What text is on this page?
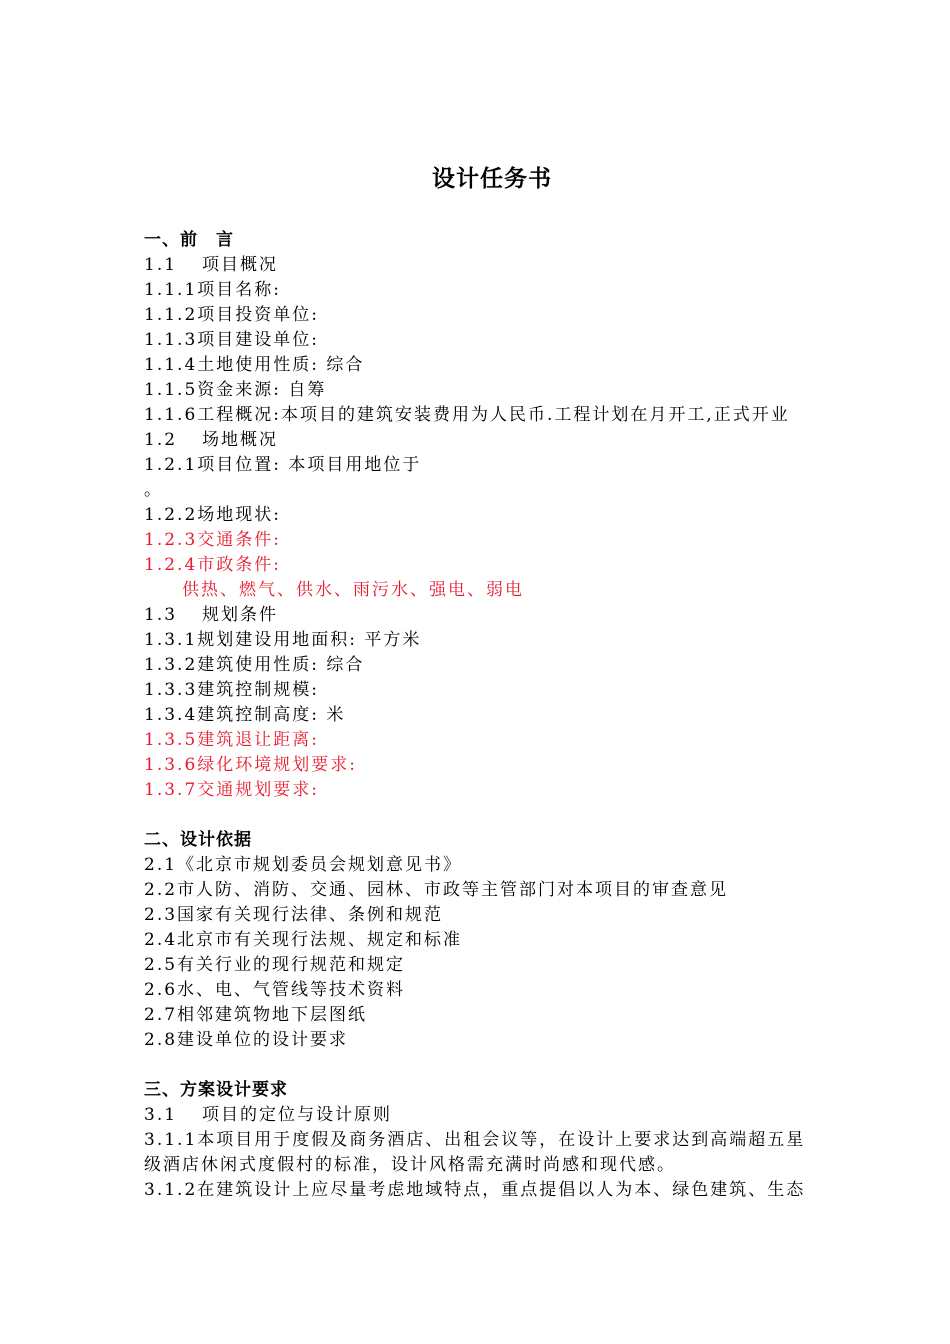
设计任务书
一、前　言
1.1 项目概况
1.1.1项目名称:
1.1.2项目投资单位:
1.1.3项目建设单位:
1.1.4土地使用性质: 综合
1.1.5资金来源: 自筹
1.1.6工程概况:本项目的建筑安装费用为人民币.工程计划在月开工,正式开业
1.2 场地概况
1.2.1项目位置: 本项目用地位于
。
1.2.2场地现状:
1.2.3交通条件:
1.2.4市政条件:
供热、燃气、供水、雨污水、强电、弱电
1.3 规划条件
1.3.1规划建设用地面积: 平方米
1.3.2建筑使用性质: 综合
1.3.3建筑控制规模:
1.3.4建筑控制高度: 米
1.3.5建筑退让距离:
1.3.6绿化环境规划要求:
1.3.7交通规划要求:
二、设计依据
2.1《北京市规划委员会规划意见书》
2.2市人防、消防、交通、园林、市政等主管部门对本项目的审查意见
2.3国家有关现行法律、条例和规范
2.4北京市有关现行法规、规定和标准
2.5有关行业的现行规范和规定
2.6水、电、气管线等技术资料
2.7相邻建筑物地下层图纸
2.8建设单位的设计要求
三、方案设计要求
3.1 项目的定位与设计原则
3.1.1本项目用于度假及商务酒店、出租会议等，在设计上要求达到高端超五星
级酒店休闲式度假村的标准，设计风格需充满时尚感和现代感。
3.1.2在建筑设计上应尽量考虑地域特点，重点提倡以人为本、绿色建筑、生态
